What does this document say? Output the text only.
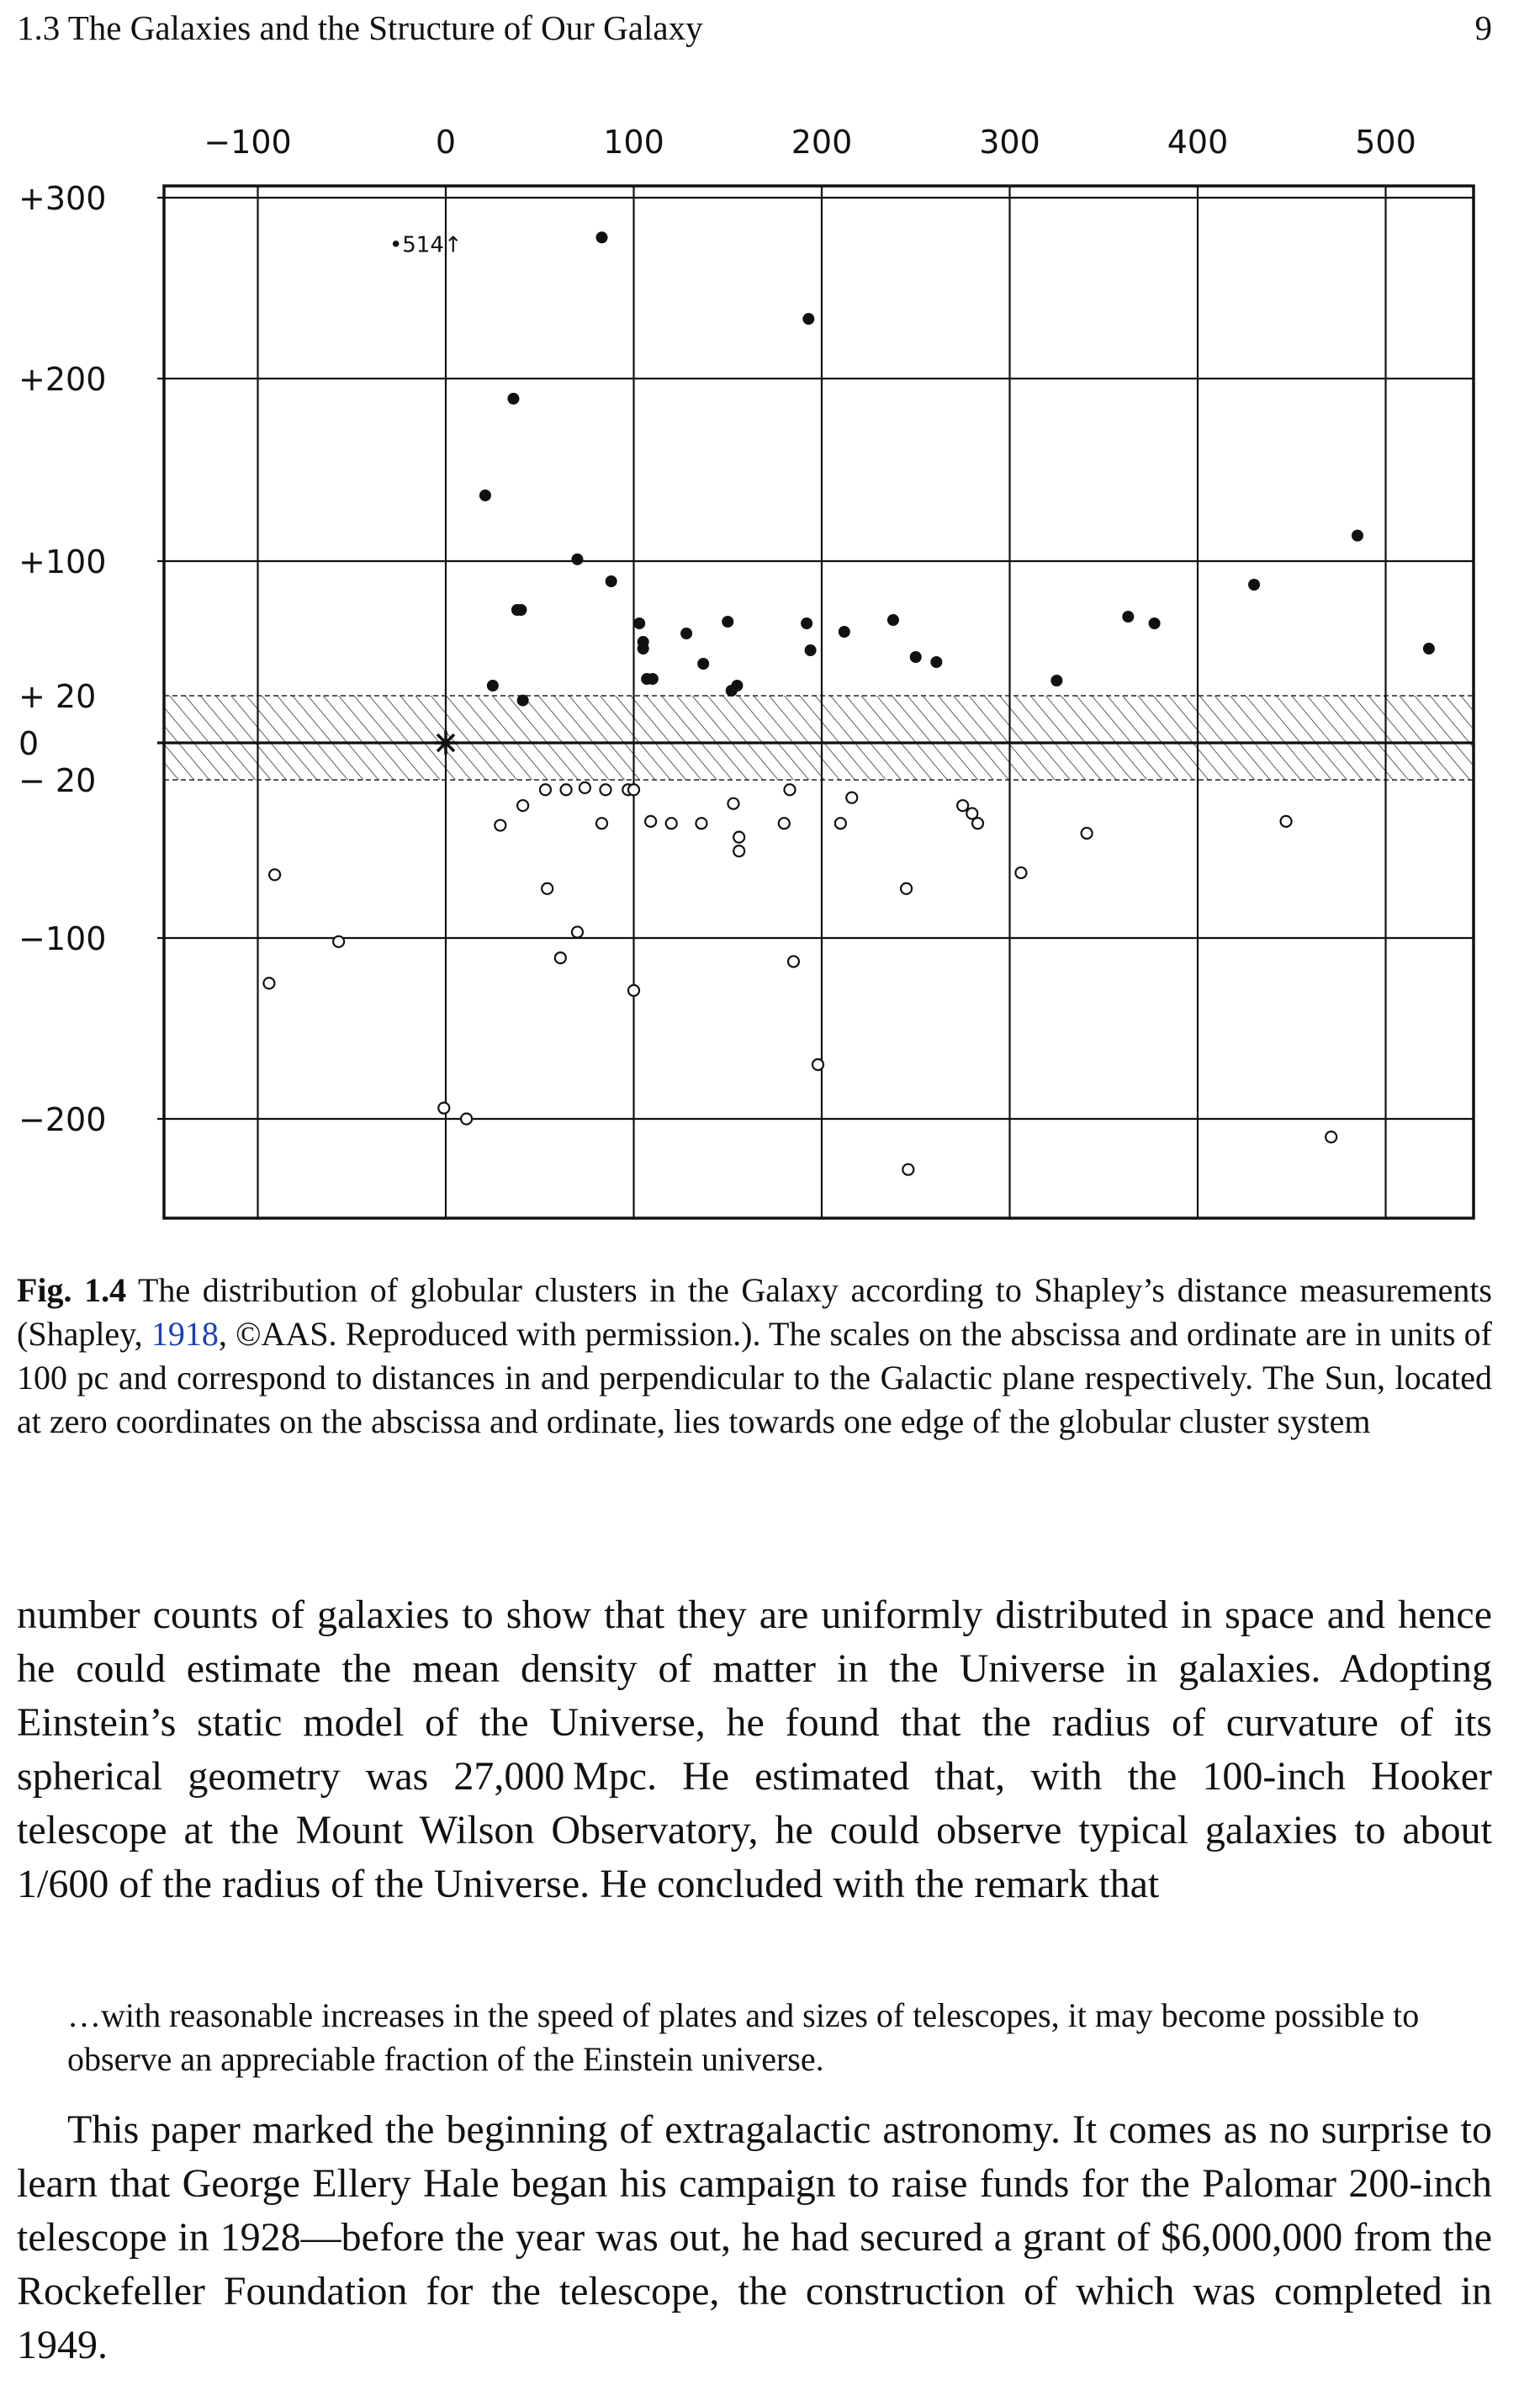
1.3 The Galaxies and the Structure of Our Galaxy	9
−100	0	100	200	300	400	500
+300
+200
+100
+ 20
0
− 20
−100
−200
•514↑
Fig. 1.4 The distribution of globular clusters in the Galaxy according to Shapley’s distance measurements (Shapley, 1918, ©AAS. Reproduced with permission.). The scales on the abscissa and ordinate are in units of 100 pc and correspond to distances in and perpendicular to the Galactic plane respectively. The Sun, located at zero coordinates on the abscissa and ordinate, lies towards one edge of the globular cluster system
number counts of galaxies to show that they are uniformly distributed in space and hence he could estimate the mean density of matter in the Universe in galaxies. Adopting Einstein’s static model of the Universe, he found that the radius of curvature of its spherical geometry was 27,000 Mpc. He estimated that, with the 100-inch Hooker telescope at the Mount Wilson Observatory, he could observe typical galaxies to about 1/600 of the radius of the Universe. He concluded with the remark that
…with reasonable increases in the speed of plates and sizes of telescopes, it may become possible to observe an appreciable fraction of the Einstein universe.
This paper marked the beginning of extragalactic astronomy. It comes as no surprise to learn that George Ellery Hale began his campaign to raise funds for the Palomar 200-inch telescope in 1928—before the year was out, he had secured a grant of $6,000,000 from the Rockefeller Foundation for the telescope, the construction of which was completed in 1949.
